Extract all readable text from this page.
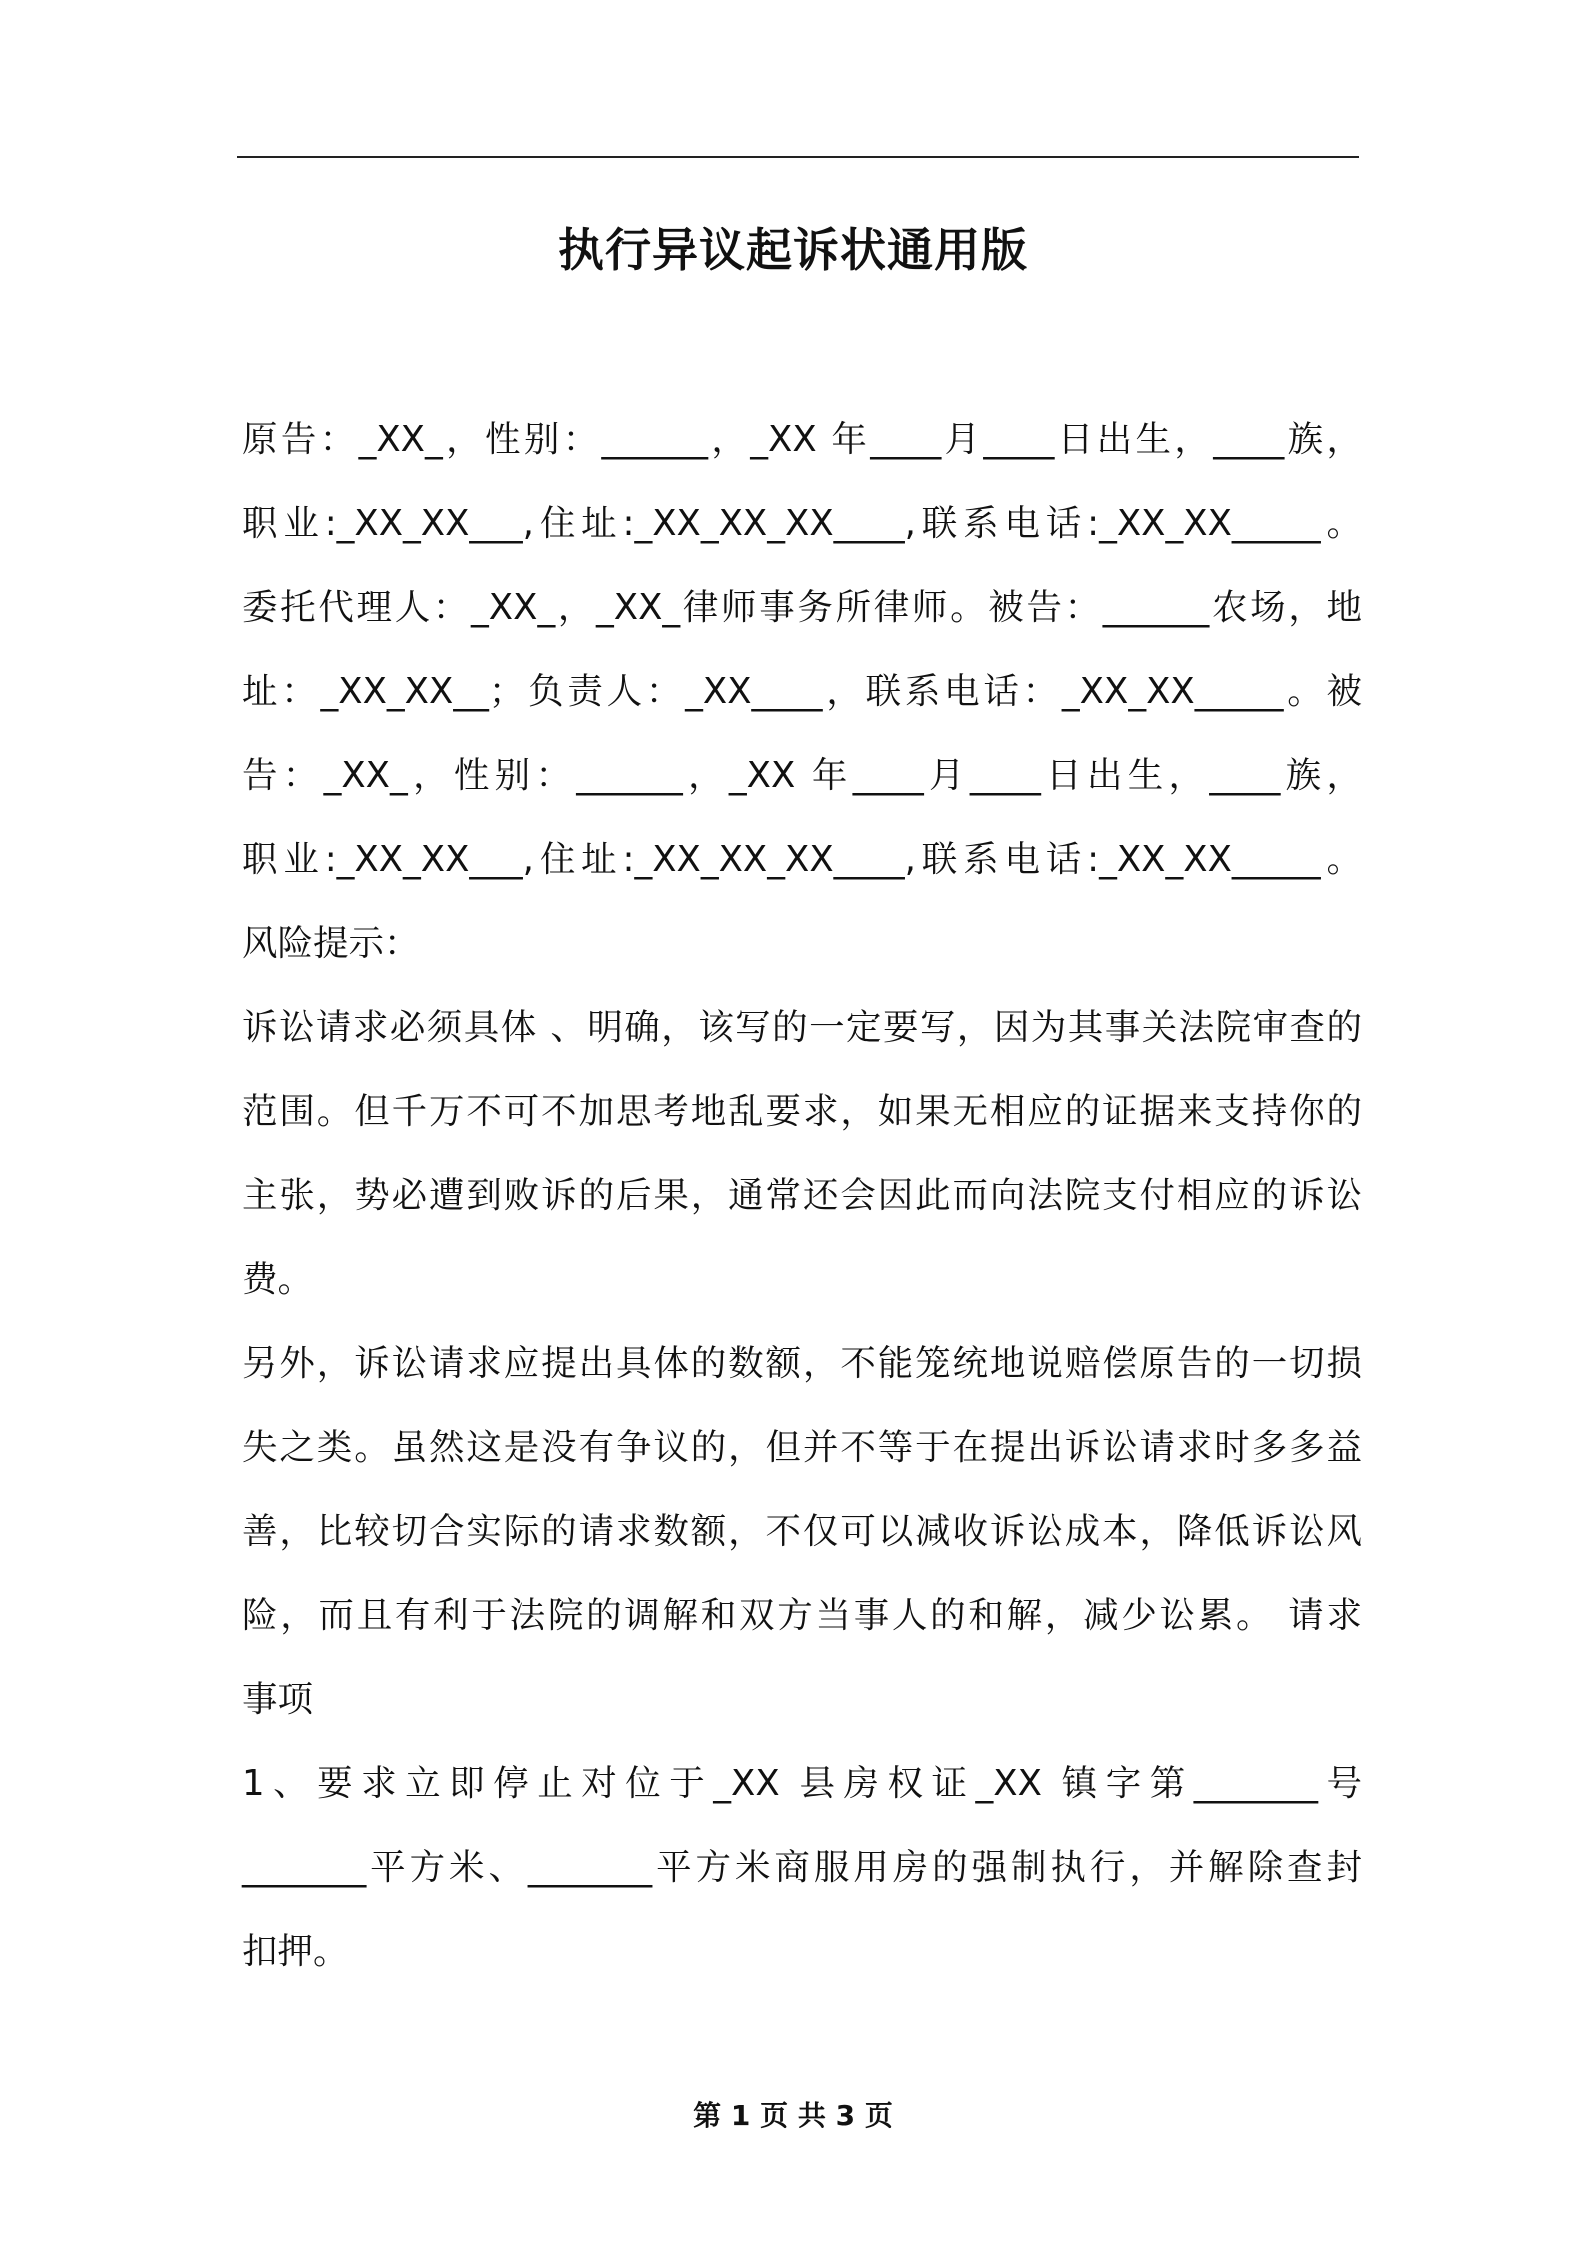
执行异议起诉状通用版
原告：_XX_，性别：______，_XX 年____月____日出生，____族，
职业:_XX_XX___,住址:_XX_XX_XX____,联系电话:_XX_XX_____。
委托代理人：_XX_，_XX_律师事务所律师。被告：______农场，地
址：_XX_XX__；负责人：_XX____，联系电话：_XX_XX_____。被
告：_XX_，性别：______，_XX 年____月____日出生，____族，
职业:_XX_XX___,住址:_XX_XX_XX____,联系电话:_XX_XX_____。
风险提示：
诉讼请求必须具体 、明确，该写的一定要写，因为其事关法院审查的
范围。但千万不可不加思考地乱要求，如果无相应的证据来支持你的
主张，势必遭到败诉的后果，通常还会因此而向法院支付相应的诉讼
费。
另外，诉讼请求应提出具体的数额，不能笼统地说赔偿原告的一切损
失之类。虽然这是没有争议的，但并不等于在提出诉讼请求时多多益
善，比较切合实际的请求数额，不仅可以减收诉讼成本，降低诉讼风
险，而且有利于法院的调解和双方当事人的和解，减少讼累。 请求
事项
1、要求立即停止对位于_XX 县房权证_XX 镇字第_______号
_______平方米、_______平方米商服用房的强制执行，并解除查封
扣押。
第 1 页 共 3 页
